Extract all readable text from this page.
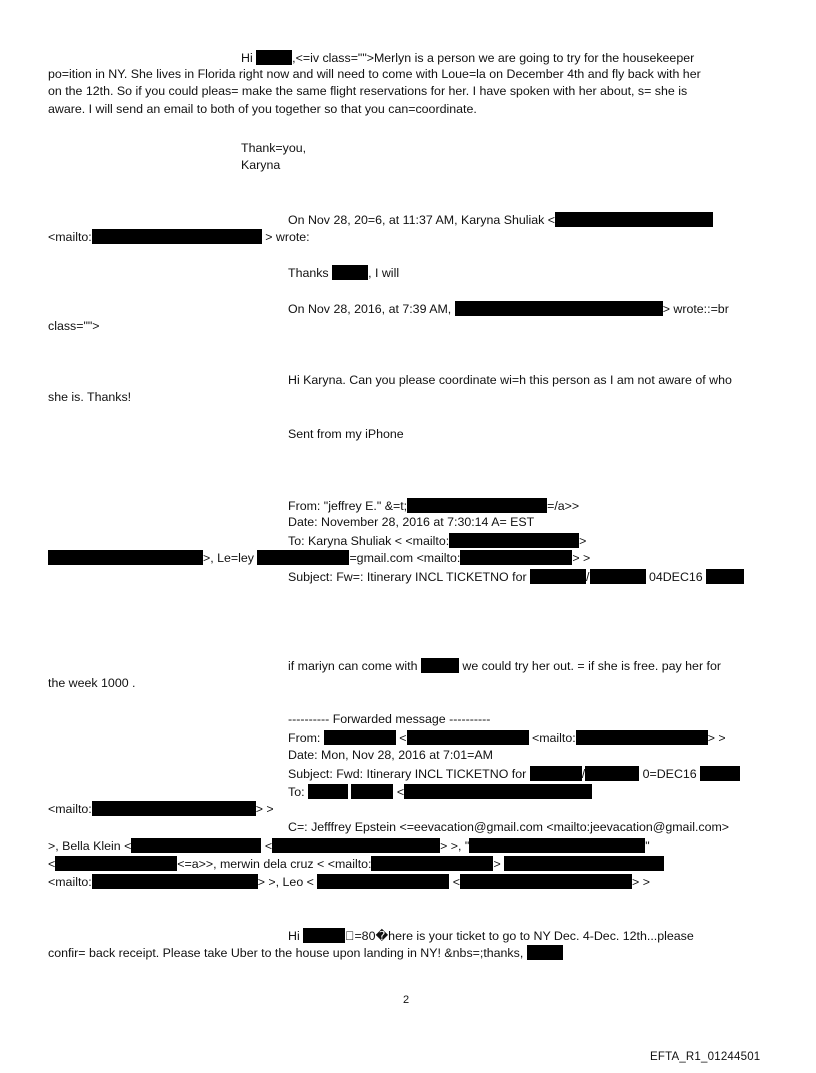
Hi	,<=iv class="">Merlyn is a person we are going to try for the housekeeper
po=ition in NY. She lives in Florida right now and will need to come with Loue=la on December 4th and fly back with her
on the 12th. So if you could pleas= make the same flight reservations for her. I have spoken with her about, s= she is
aware. I will send an email to both of you together so that you can=coordinate.
Thank=you,
Karyna
On Nov 28, 20=6, at 11:37 AM, Karyna Shuliak <
<mailto:	> wrote:
Thanks	, I will
On Nov 28, 2016, at 7:39 AM,	> wrote::=br
class="">
Hi Karyna. Can you please coordinate wi=h this person as I am not aware of who
she is. Thanks!
Sent from my iPhone
From: "jeffrey E." &=t;	=/a>>
Date: November 28, 2016 at 7:30:14 A= EST
To: Karyna Shuliak < <mailto:	>
>, Le=ley	=gmail.com <mailto:	> >
Subject: Fw=: Itinerary INCL TICKETNO for	/	04DEC16
if mariyn can come with	we could try her out. = if she is free. pay her for
the week 1000 .
---------- Forwarded message ----------
From:	<	<mailto:	> >
Date: Mon, Nov 28, 2016 at 7:01=AM
Subject: Fwd: Itinerary INCL TICKETNO for	/	0=DEC16
To:	<
<mailto:	> >
C=: Jefffrey Epstein <=eevacation@gmail.com <mailto:jeevacation@gmail.com>
>, Bella Klein <	<	> >, "	"
<	<=a>>, merwin dela cruz < <mailto:	>
<mailto:	> >, Leo <	<	> >
Hi	 =80�here is your ticket to go to NY Dec. 4-Dec. 12th...please
confir= back receipt. Please take Uber to the house upon landing in NY! &nbs=;thanks,
2
EFTA_R1_01244501
